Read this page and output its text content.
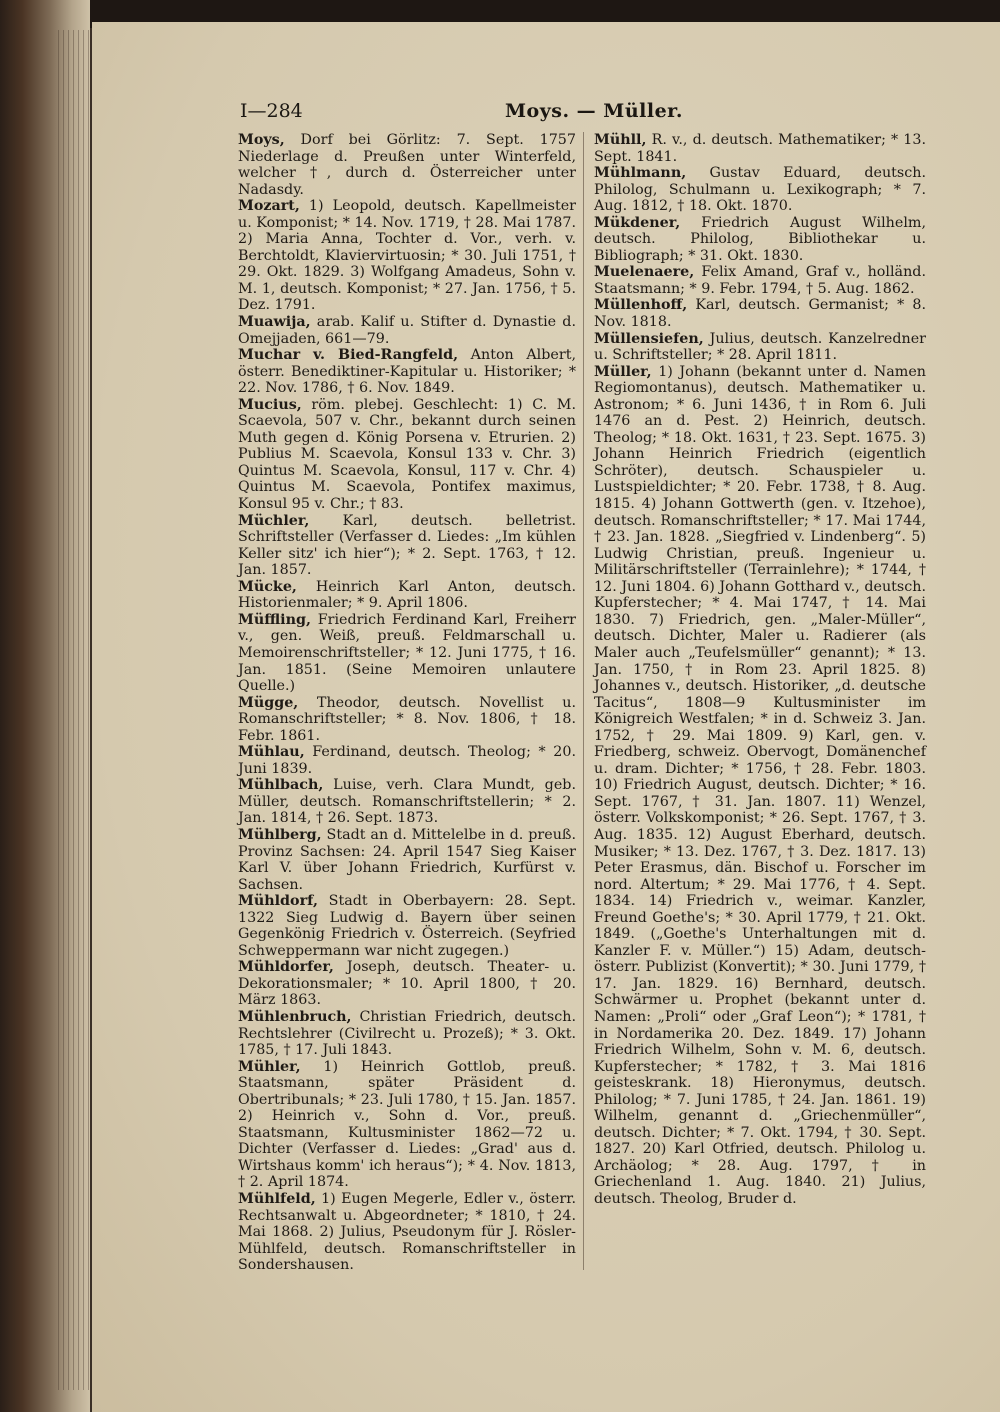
I—284	Moys. — Müller.
Moys, Dorf bei Görlitz: 7. Sept. 1757 Niederlage d. Preußen unter Winterfeld, welcher †, durch d. Österreicher unter Nadasdy.
Mozart, 1) Leopold, deutsch. Kapellmeister u. Komponist; * 14. Nov. 1719, † 28. Mai 1787. 2) Maria Anna, Tochter d. Vor., verh. v. Berchtoldt, Klaviervirtuosin; * 30. Juli 1751, † 29. Okt. 1829. 3) Wolfgang Amadeus, Sohn v. M. 1, deutsch. Komponist; * 27. Jan. 1756, † 5. Dez. 1791.
Muawija, arab. Kalif u. Stifter d. Dynastie d. Omejjaden, 661—79.
Muchar v. Bied-Rangfeld, Anton Albert, österr. Benediktiner-Kapitular u. Historiker; * 22. Nov. 1786, † 6. Nov. 1849.
Mucius, röm. plebej. Geschlecht: 1) C. M. Scaevola, 507 v. Chr., bekannt durch seinen Muth gegen d. König Porsena v. Etrurien. 2) Publius M. Scaevola, Konsul 133 v. Chr. 3) Quintus M. Scaevola, Konsul, 117 v. Chr. 4) Quintus M. Scaevola, Pontifex maximus, Konsul 95 v. Chr.; † 83.
Müchler, Karl, deutsch. belletrist. Schriftsteller (Verfasser d. Liedes: „Im kühlen Keller sitz' ich hier“); * 2. Sept. 1763, † 12. Jan. 1857.
Mücke, Heinrich Karl Anton, deutsch. Historienmaler; * 9. April 1806.
Müffling, Friedrich Ferdinand Karl, Freiherr v., gen. Weiß, preuß. Feldmarschall u. Memoirenschriftsteller; * 12. Juni 1775, † 16. Jan. 1851. (Seine Memoiren unlautere Quelle.)
Mügge, Theodor, deutsch. Novellist u. Romanschriftsteller; * 8. Nov. 1806, † 18. Febr. 1861.
Mühlau, Ferdinand, deutsch. Theolog; * 20. Juni 1839.
Mühlbach, Luise, verh. Clara Mundt, geb. Müller, deutsch. Romanschriftstellerin; * 2. Jan. 1814, † 26. Sept. 1873.
Mühlberg, Stadt an d. Mittelelbe in d. preuß. Provinz Sachsen: 24. April 1547 Sieg Kaiser Karl V. über Johann Friedrich, Kurfürst v. Sachsen.
Mühldorf, Stadt in Oberbayern: 28. Sept. 1322 Sieg Ludwig d. Bayern über seinen Gegenkönig Friedrich v. Österreich. (Seyfried Schweppermann war nicht zugegen.)
Mühldorfer, Joseph, deutsch. Theater- u. Dekorationsmaler; * 10. April 1800, † 20. März 1863.
Mühlenbruch, Christian Friedrich, deutsch. Rechtslehrer (Civilrecht u. Prozeß); * 3. Okt. 1785, † 17. Juli 1843.
Mühler, 1) Heinrich Gottlob, preuß. Staatsmann, später Präsident d. Obertribunals; * 23. Juli 1780, † 15. Jan. 1857. 2) Heinrich v., Sohn d. Vor., preuß. Staatsmann, Kultusminister 1862—72 u. Dichter (Verfasser d. Liedes: „Grad' aus d. Wirtshaus komm' ich heraus“); * 4. Nov. 1813, † 2. April 1874.
Mühlfeld, 1) Eugen Megerle, Edler v., österr. Rechtsanwalt u. Abgeordneter; * 1810, † 24. Mai 1868. 2) Julius, Pseudonym für J. Rösler-Mühlfeld, deutsch. Romanschriftsteller in Sondershausen.
Mühll, R. v., d. deutsch. Mathematiker; * 13. Sept. 1841.
Mühlmann, Gustav Eduard, deutsch. Philolog, Schulmann u. Lexikograph; * 7. Aug. 1812, † 18. Okt. 1870.
Mükdener, Friedrich August Wilhelm, deutsch. Philolog, Bibliothekar u. Bibliograph; * 31. Okt. 1830.
Muelenaere, Felix Amand, Graf v., holländ. Staatsmann; * 9. Febr. 1794, † 5. Aug. 1862.
Müllenhoff, Karl, deutsch. Germanist; * 8. Nov. 1818.
Müllensiefen, Julius, deutsch. Kanzelredner u. Schriftsteller; * 28. April 1811.
Müller, 1) Johann (bekannt unter d. Namen Regiomontanus), deutsch. Mathematiker u. Astronom; * 6. Juni 1436, † in Rom 6. Juli 1476 an d. Pest. 2) Heinrich, deutsch. Theolog; * 18. Okt. 1631, † 23. Sept. 1675. 3) Johann Heinrich Friedrich (eigentlich Schröter), deutsch. Schauspieler u. Lustspieldichter; * 20. Febr. 1738, † 8. Aug. 1815. 4) Johann Gottwerth (gen. v. Itzehoe), deutsch. Romanschriftsteller; * 17. Mai 1744, † 23. Jan. 1828. „Siegfried v. Lindenberg“. 5) Ludwig Christian, preuß. Ingenieur u. Militärschriftsteller (Terrainlehre); * 1744, † 12. Juni 1804. 6) Johann Gotthard v., deutsch. Kupferstecher; * 4. Mai 1747, † 14. Mai 1830. 7) Friedrich, gen. „Maler-Müller“, deutsch. Dichter, Maler u. Radierer (als Maler auch „Teufelsmüller“ genannt); * 13. Jan. 1750, † in Rom 23. April 1825. 8) Johannes v., deutsch. Historiker, „d. deutsche Tacitus“, 1808—9 Kultusminister im Königreich Westfalen; * in d. Schweiz 3. Jan. 1752, † 29. Mai 1809. 9) Karl, gen. v. Friedberg, schweiz. Obervogt, Domänenchef u. dram. Dichter; * 1756, † 28. Febr. 1803. 10) Friedrich August, deutsch. Dichter; * 16. Sept. 1767, † 31. Jan. 1807. 11) Wenzel, österr. Volkskomponist; * 26. Sept. 1767, † 3. Aug. 1835. 12) August Eberhard, deutsch. Musiker; * 13. Dez. 1767, † 3. Dez. 1817. 13) Peter Erasmus, dän. Bischof u. Forscher im nord. Altertum; * 29. Mai 1776, † 4. Sept. 1834. 14) Friedrich v., weimar. Kanzler, Freund Goethe's; * 30. April 1779, † 21. Okt. 1849. („Goethe's Unterhaltungen mit d. Kanzler F. v. Müller.“) 15) Adam, deutsch-österr. Publizist (Konvertit); * 30. Juni 1779, † 17. Jan. 1829. 16) Bernhard, deutsch. Schwärmer u. Prophet (bekannt unter d. Namen: „Proli“ oder „Graf Leon“); * 1781, † in Nordamerika 20. Dez. 1849. 17) Johann Friedrich Wilhelm, Sohn v. M. 6, deutsch. Kupferstecher; * 1782, † 3. Mai 1816 geisteskrank. 18) Hieronymus, deutsch. Philolog; * 7. Juni 1785, † 24. Jan. 1861. 19) Wilhelm, genannt d. „Griechenmüller“, deutsch. Dichter; * 7. Okt. 1794, † 30. Sept. 1827. 20) Karl Otfried, deutsch. Philolog u. Archäolog; * 28. Aug. 1797, † in Griechenland 1. Aug. 1840. 21) Julius, deutsch. Theolog, Bruder d.
